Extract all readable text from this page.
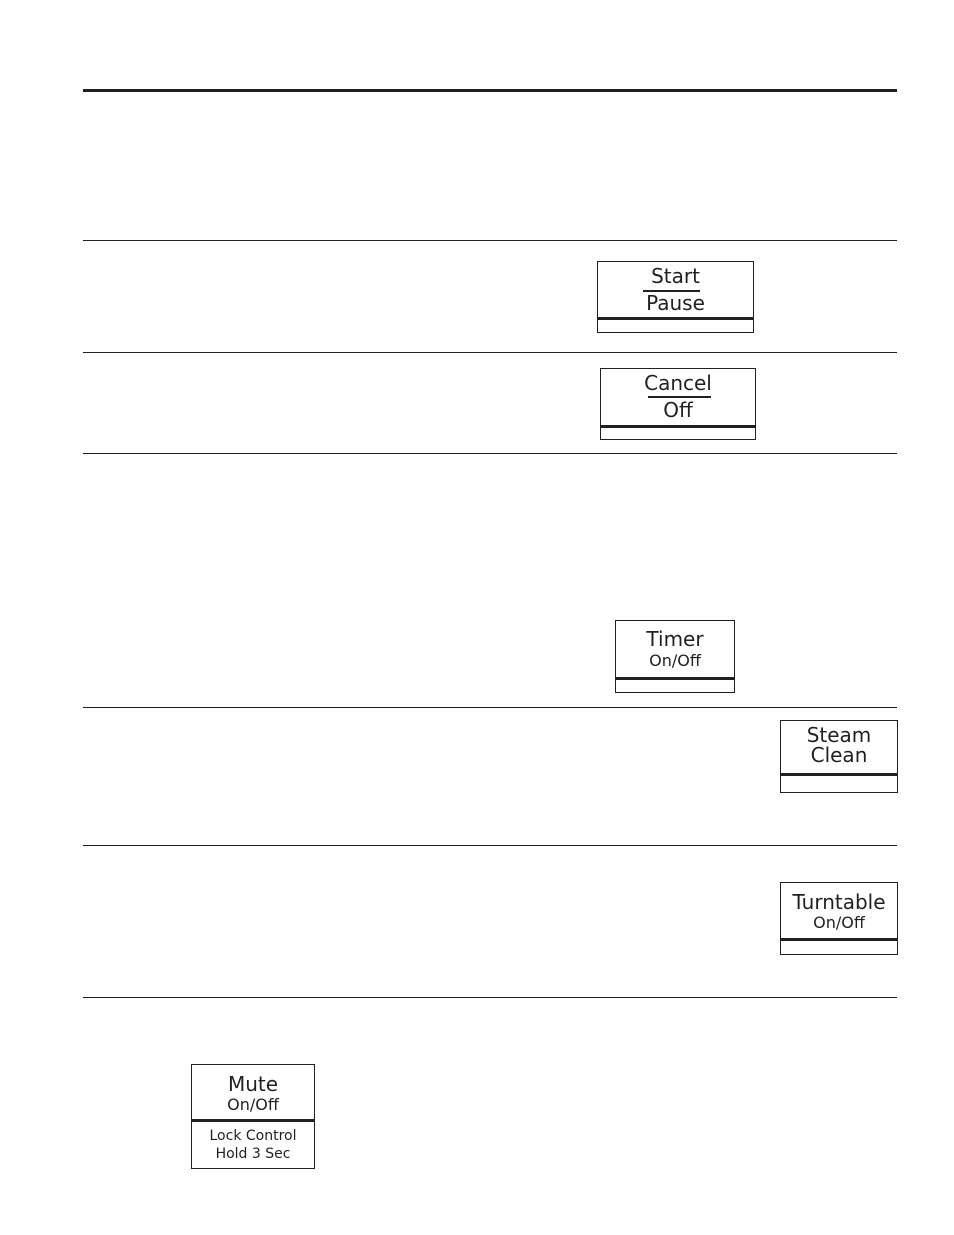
Start
Pause
Cancel
Off
Timer
On/Off
Steam
Clean
Turntable
On/Off
Mute
On/Off
Lock Control
Hold 3 Sec
